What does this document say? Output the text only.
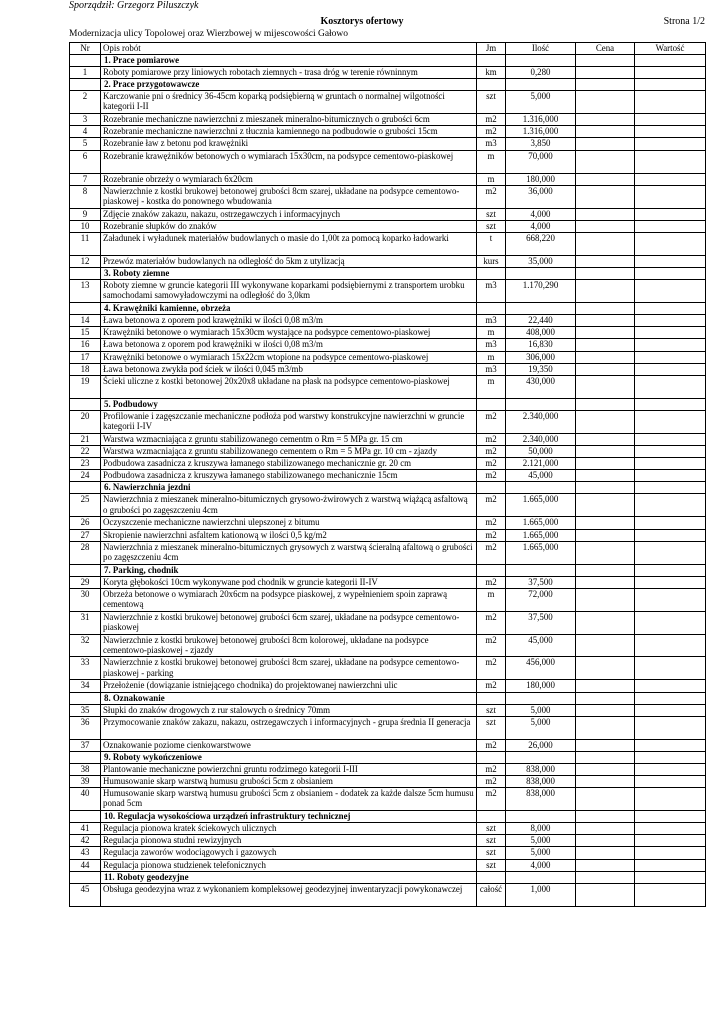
Sporządził: Grzegorz Piluszczyk
Kosztorys ofertowy	Strona 1/2
Modernizacja ulicy Topolowej oraz Wierzbowej w mijescowości Gałowo
Nr	Opis robót	Jm	Ilość	Cena	Wartość
	1. Prace pomiarowe				
1	Roboty pomiarowe przy liniowych robotach ziemnych - trasa dróg w terenie równinnym	km	0,280		
	2. Prace przygotowawcze				
2	Karczowanie pni o średnicy 36-45cm koparką podsiębierną w gruntach o normalnej wilgotności kategorii I-II	szt	5,000		
3	Rozebranie mechaniczne nawierzchni z mieszanek mineralno-bitumicznych o grubości 6cm	m2	1.316,000		
4	Rozebranie mechaniczne nawierzchni z tłucznia kamiennego na podbudowie o grubości 15cm	m2	1.316,000		
5	Rozebranie ław z betonu pod krawężniki	m3	3,850		
6	Rozebranie krawężników betonowych o wymiarach 15x30cm, na podsypce cementowo-piaskowej	m	70,000		
7	Rozebranie obrzeży o wymiarach 6x20cm	m	180,000		
8	Nawierzchnie z kostki brukowej betonowej grubości 8cm szarej, układane na podsypce cementowo-piaskowej - kostka do ponownego wbudowania	m2	36,000		
9	Zdjęcie znaków zakazu, nakazu, ostrzegawczych i informacyjnych	szt	4,000		
10	Rozebranie słupków do znaków	szt	4,000		
11	Załadunek i wyładunek materiałów budowlanych o masie do 1,00t za pomocą koparko ładowarki	t	668,220		
12	Przewóz materiałów budowlanych na odległość do 5km z utylizacją	kurs	35,000		
	3. Roboty ziemne				
13	Roboty ziemne w gruncie kategorii III wykonywane koparkami podsiębiernymi z transportem urobku samochodami samowyładowczymi na odległość do 3,0km	m3	1.170,290		
	4. Krawężniki kamienne, obrzeża				
14	Ława betonowa z oporem pod krawężniki w ilości 0,08 m3/m	m3	22,440		
15	Krawężniki betonowe o wymiarach 15x30cm wystające na podsypce cementowo-piaskowej	m	408,000		
16	Ława betonowa z oporem pod krawężniki w ilości 0,08 m3/m	m3	16,830		
17	Krawężniki betonowe o wymiarach 15x22cm wtopione na podsypce cementowo-piaskowej	m	306,000		
18	Ława betonowa zwykła pod ściek w ilości 0,045 m3/mb	m3	19,350		
19	Ścieki uliczne z kostki betonowej 20x20x8 układane na płask na podsypce cementowo-piaskowej	m	430,000		
	5. Podbudowy				
20	Profilowanie i zagęszczanie mechaniczne podłoża pod warstwy konstrukcyjne nawierzchni w gruncie kategorii I-IV	m2	2.340,000		
21	Warstwa wzmacniająca z gruntu stabilizowanego cementm o Rm = 5 MPa gr. 15 cm	m2	2.340,000		
22	Warstwa wzmacniająca z gruntu stabilizowanego cementem o Rm = 5 MPa gr. 10 cm - zjazdy	m2	50,000		
23	Podbudowa zasadnicza z kruszywa łamanego stabilizowanego mechanicznie gr. 20 cm	m2	2.121,000		
24	Podbudowa zasadnicza z kruszywa łamanego stabilizowanego mechanicznie 15cm	m2	45,000		
	6. Nawierzchnia jezdni				
25	Nawierzchnia z mieszanek mineralno-bitumicznych grysowo-żwirowych z warstwą wiążącą asfaltową o grubości po zagęszczeniu 4cm	m2	1.665,000		
26	Oczyszczenie mechaniczne nawierzchni ulepszonej z bitumu	m2	1.665,000		
27	Skropienie nawierzchni asfaltem kationową w ilości 0,5 kg/m2	m2	1.665,000		
28	Nawierzchnia z mieszanek mineralno-bitumicznych grysowych z warstwą ścieralną afaltową o grubości po zagęszczeniu 4cm	m2	1.665,000		
	7. Parking, chodnik				
29	Koryta głębokości 10cm wykonywane pod chodnik w gruncie kategorii II-IV	m2	37,500		
30	Obrzeża betonowe o wymiarach 20x6cm na podsypce piaskowej, z wypełnieniem spoin zaprawą cementową	m	72,000		
31	Nawierzchnie z kostki brukowej betonowej grubości 6cm szarej, układane na podsypce cementowo-piaskowej	m2	37,500		
32	Nawierzchnie z kostki brukowej betonowej grubości 8cm kolorowej, układane na podsypce cementowo-piaskowej - zjazdy	m2	45,000		
33	Nawierzchnie z kostki brukowej betonowej grubości 8cm szarej, układane na podsypce cementowo-piaskowej - parking	m2	456,000		
34	Przełożenie (dowiązanie istniejącego chodnika) do projektowanej nawierzchni ulic	m2	180,000		
	8. Oznakowanie				
35	Słupki do znaków drogowych z rur stalowych o średnicy 70mm	szt	5,000		
36	Przymocowanie znaków zakazu, nakazu, ostrzegawczych i informacyjnych - grupa średnia II generacja	szt	5,000		
37	Oznakowanie poziome cienkowarstwowe	m2	26,000		
	9. Roboty wykończeniowe				
38	Plantowanie mechaniczne powierzchni gruntu rodzimego kategorii I-III	m2	838,000		
39	Humusowanie skarp warstwą humusu grubości 5cm z obsianiem	m2	838,000		
40	Humusowanie skarp warstwą humusu grubości 5cm z obsianiem - dodatek za każde dalsze 5cm humusu ponad 5cm	m2	838,000		
	10. Regulacja wysokościowa urządzeń infrastruktury technicznej				
41	Regulacja pionowa kratek ściekowych ulicznych	szt	8,000		
42	Regulacja pionowa studni rewizyjnych	szt	5,000		
43	Regulacja zaworów wodociągowych i gazowych	szt	5,000		
44	Regulacja pionowa studzienek telefonicznych	szt	4,000		
	11. Roboty geodezyjne				
45	Obsługa geodezyjna wraz z wykonaniem kompleksowej geodezyjnej inwentaryzacji powykonawczej	całość	1,000		
